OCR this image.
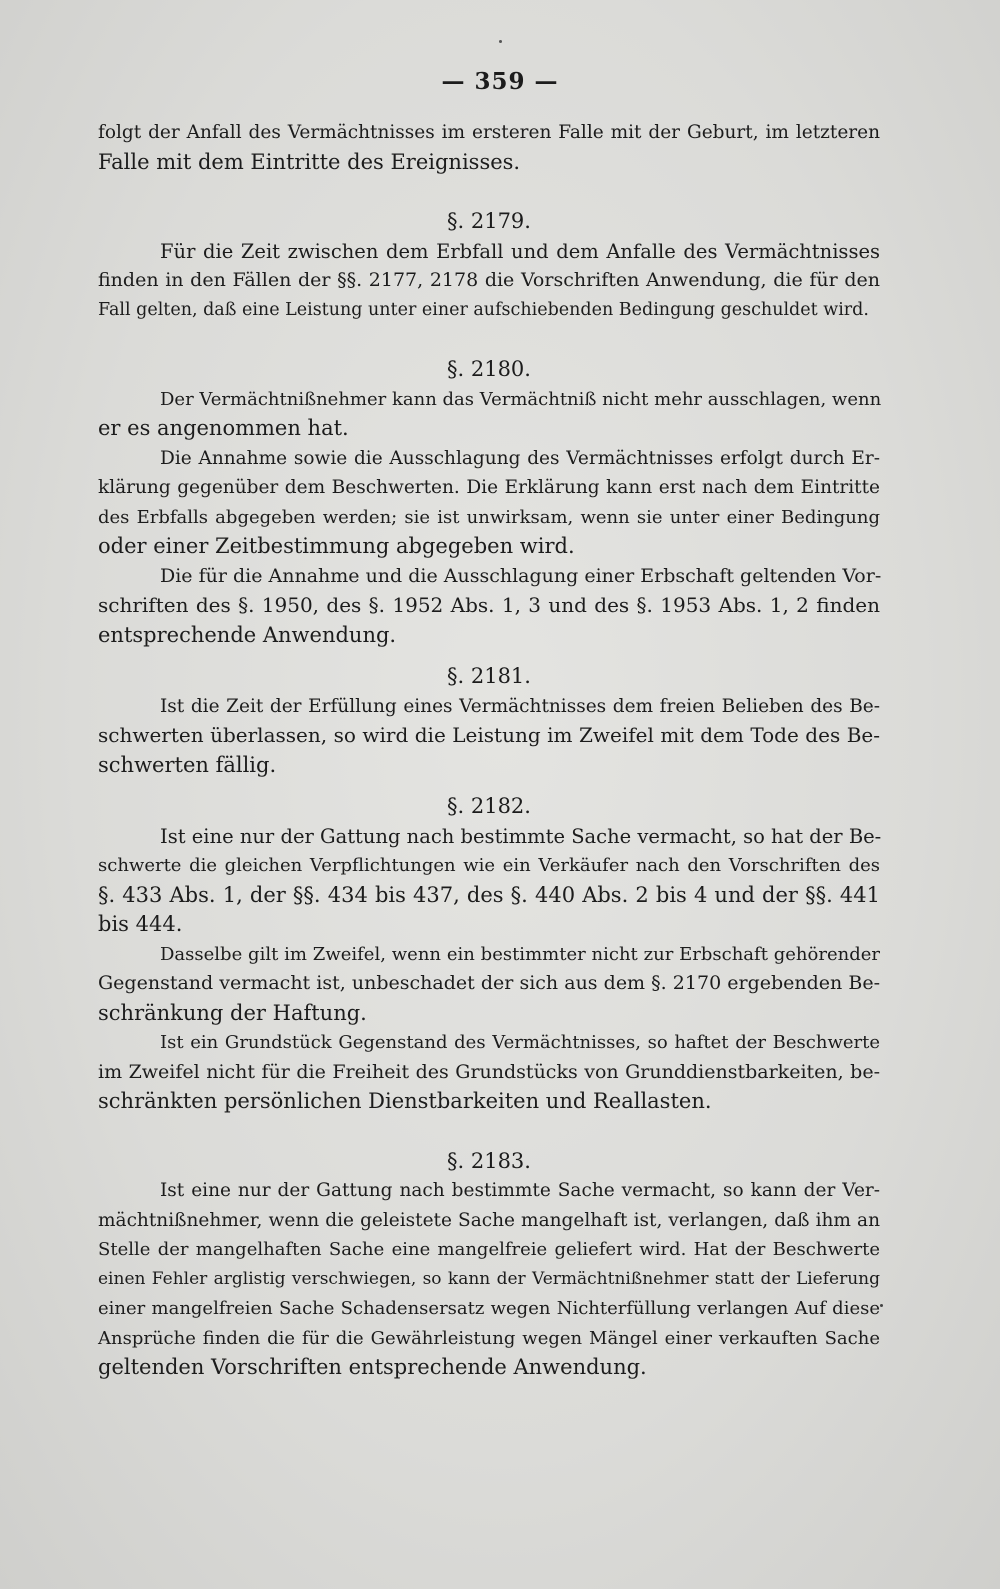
— 359 —
folgt der Anfall des Vermächtnisses im ersteren Falle mit der Geburt, im letzteren
Falle mit dem Eintritte des Ereignisses.
§. 2179.
Für die Zeit zwischen dem Erbfall und dem Anfalle des Vermächtnisses
finden in den Fällen der §§. 2177, 2178 die Vorschriften Anwendung, die für den
Fall gelten, daß eine Leistung unter einer aufschiebenden Bedingung geschuldet wird.
§. 2180.
Der Vermächtnißnehmer kann das Vermächtniß nicht mehr ausschlagen, wenn
er es angenommen hat.
Die Annahme sowie die Ausschlagung des Vermächtnisses erfolgt durch Er-
klärung gegenüber dem Beschwerten. Die Erklärung kann erst nach dem Eintritte
des Erbfalls abgegeben werden; sie ist unwirksam, wenn sie unter einer Bedingung
oder einer Zeitbestimmung abgegeben wird.
Die für die Annahme und die Ausschlagung einer Erbschaft geltenden Vor-
schriften des §. 1950, des §. 1952 Abs. 1, 3 und des §. 1953 Abs. 1, 2 finden
entsprechende Anwendung.
§. 2181.
Ist die Zeit der Erfüllung eines Vermächtnisses dem freien Belieben des Be-
schwerten überlassen, so wird die Leistung im Zweifel mit dem Tode des Be-
schwerten fällig.
§. 2182.
Ist eine nur der Gattung nach bestimmte Sache vermacht, so hat der Be-
schwerte die gleichen Verpflichtungen wie ein Verkäufer nach den Vorschriften des
§. 433 Abs. 1, der §§. 434 bis 437, des §. 440 Abs. 2 bis 4 und der §§. 441
bis 444.
Dasselbe gilt im Zweifel, wenn ein bestimmter nicht zur Erbschaft gehörender
Gegenstand vermacht ist, unbeschadet der sich aus dem §. 2170 ergebenden Be-
schränkung der Haftung.
Ist ein Grundstück Gegenstand des Vermächtnisses, so haftet der Beschwerte
im Zweifel nicht für die Freiheit des Grundstücks von Grunddienstbarkeiten, be-
schränkten persönlichen Dienstbarkeiten und Reallasten.
§. 2183.
Ist eine nur der Gattung nach bestimmte Sache vermacht, so kann der Ver-
mächtnißnehmer, wenn die geleistete Sache mangelhaft ist, verlangen, daß ihm an
Stelle der mangelhaften Sache eine mangelfreie geliefert wird. Hat der Beschwerte
einen Fehler arglistig verschwiegen, so kann der Vermächtnißnehmer statt der Lieferung
einer mangelfreien Sache Schadensersatz wegen Nichterfüllung verlangen Auf diese
Ansprüche finden die für die Gewährleistung wegen Mängel einer verkauften Sache
geltenden Vorschriften entsprechende Anwendung.
